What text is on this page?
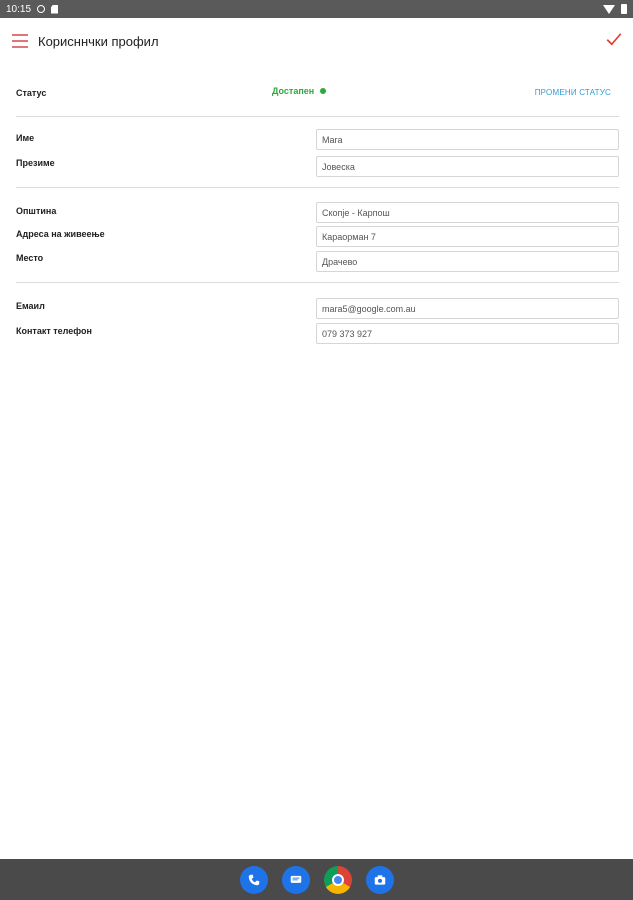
10:15
Корисннчки профил
Статус	Достапен	ПРОМЕНИ СТАТУС
Име	Mara
Презиме	Јовеска
Општина	Скопје - Карпош
Адреса на живеење	Караорман 7
Место	Драчево
Емаил	mara5@google.com.au
Контакт телефон	079 373 927
